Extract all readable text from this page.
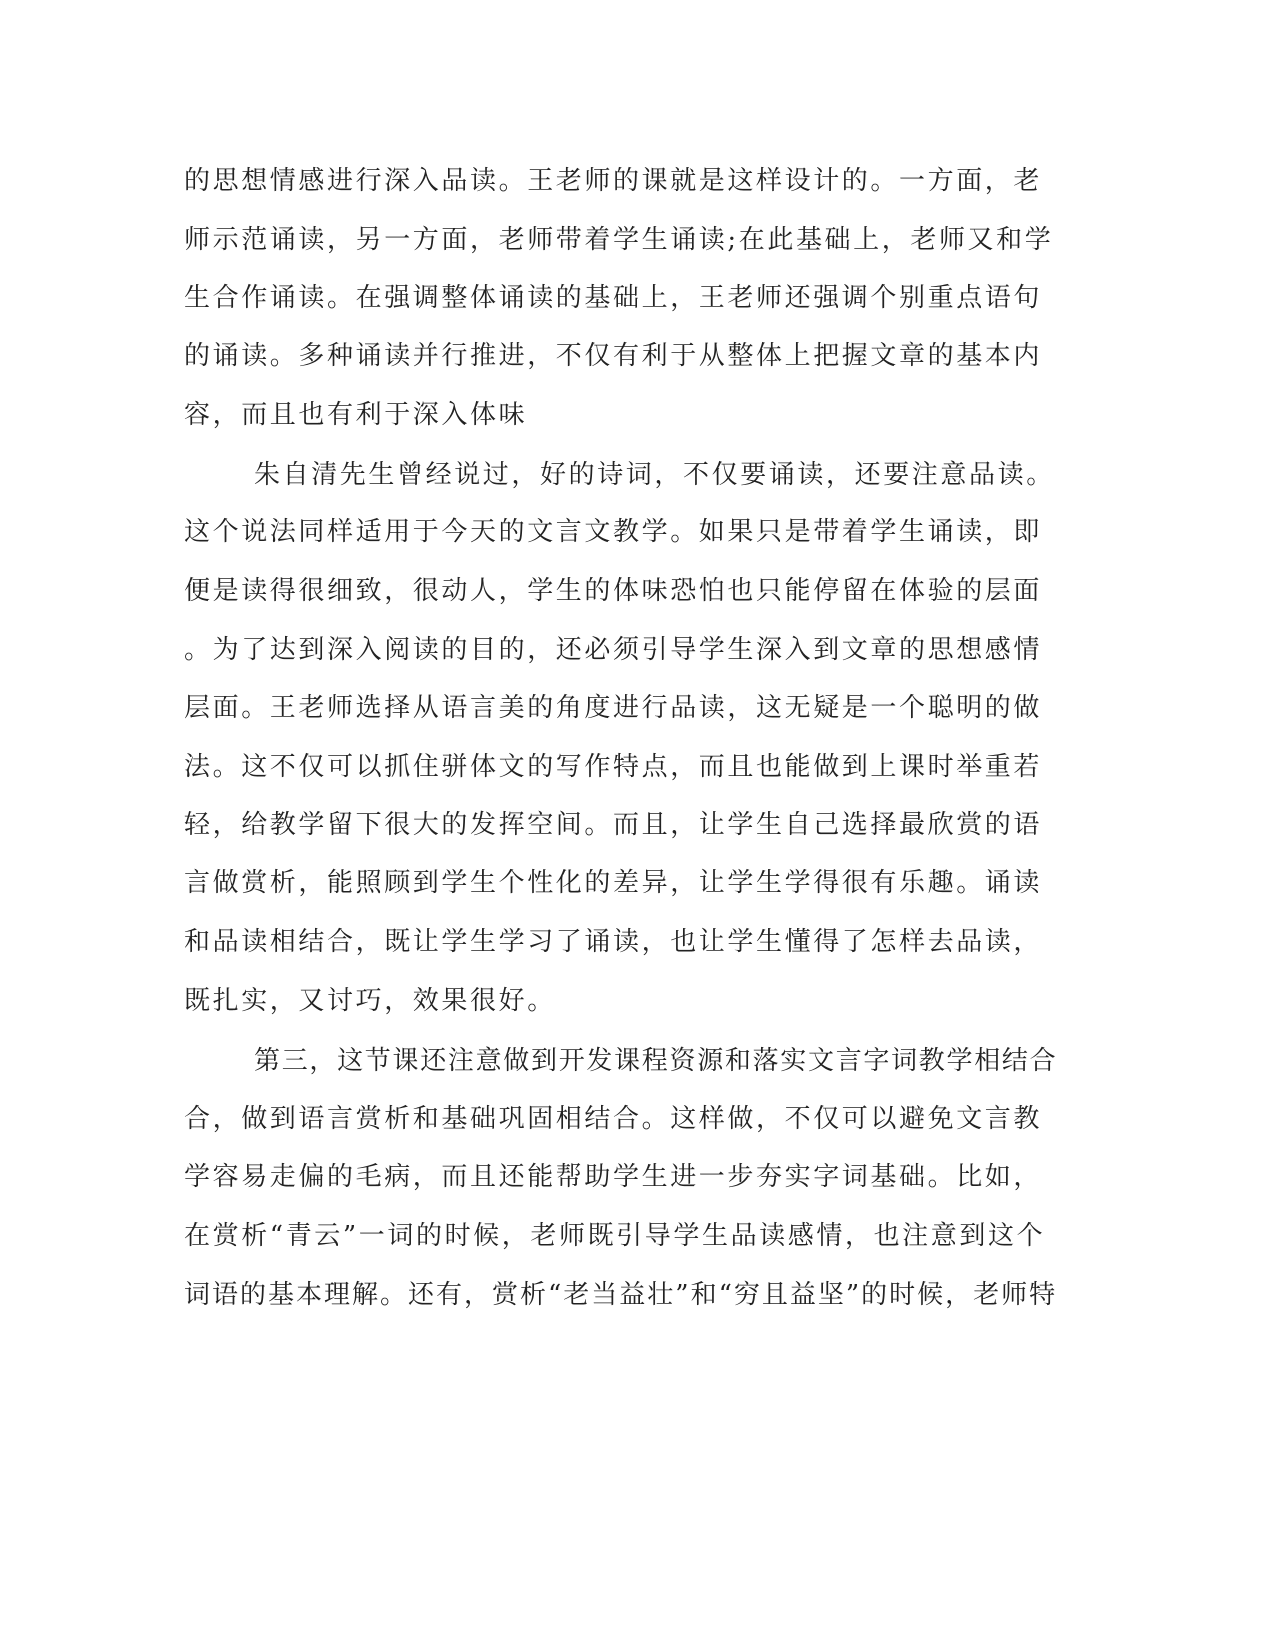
的思想情感进行深入品读。王老师的课就是这样设计的。一方面，老
师示范诵读，另一方面，老师带着学生诵读;在此基础上，老师又和学
生合作诵读。在强调整体诵读的基础上，王老师还强调个别重点语句
的诵读。多种诵读并行推进，不仅有利于从整体上把握文章的基本内
容，而且也有利于深入体味
朱自清先生曾经说过，好的诗词，不仅要诵读，还要注意品读。
这个说法同样适用于今天的文言文教学。如果只是带着学生诵读，即
便是读得很细致，很动人，学生的体味恐怕也只能停留在体验的层面
。为了达到深入阅读的目的，还必须引导学生深入到文章的思想感情
层面。王老师选择从语言美的角度进行品读，这无疑是一个聪明的做
法。这不仅可以抓住骈体文的写作特点，而且也能做到上课时举重若
轻，给教学留下很大的发挥空间。而且，让学生自己选择最欣赏的语
言做赏析，能照顾到学生个性化的差异，让学生学得很有乐趣。诵读
和品读相结合，既让学生学习了诵读，也让学生懂得了怎样去品读，
既扎实，又讨巧，效果很好。
第三，这节课还注意做到开发课程资源和落实文言字词教学相结合
合，做到语言赏析和基础巩固相结合。这样做，不仅可以避免文言教
学容易走偏的毛病，而且还能帮助学生进一步夯实字词基础。比如，
在赏析“青云”一词的时候，老师既引导学生品读感情，也注意到这个
词语的基本理解。还有，赏析“老当益壮”和“穷且益坚”的时候，老师特
